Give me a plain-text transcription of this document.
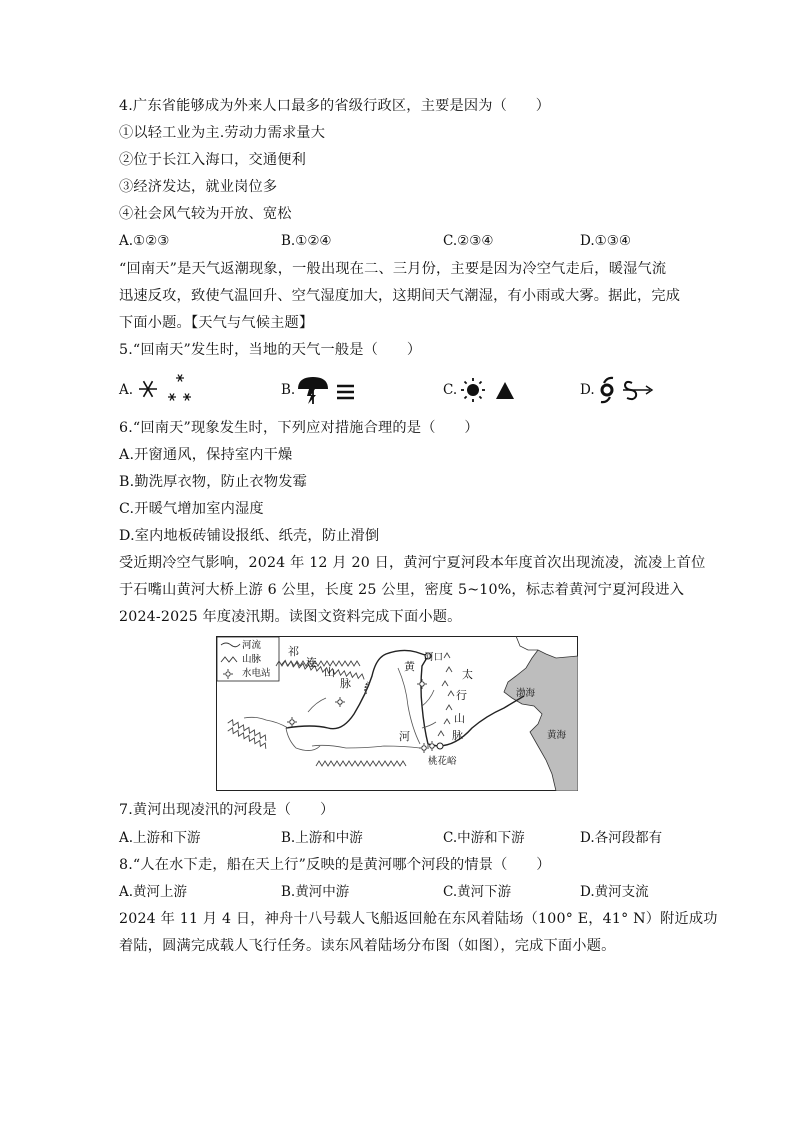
4.广东省能够成为外来人口最多的省级行政区，主要是因为（　　）
①以轻工业为主.劳动力需求量大
②位于长江入海口，交通便利
③经济发达，就业岗位多
④社会风气较为开放、宽松
A.①②③	B.①②④	C.②③④	D.①③④
“回南天”是天气返潮现象，一般出现在二、三月份，主要是因为冷空气走后，暖湿气流
迅速反攻，致使气温回升、空气湿度加大，这期间天气潮湿，有小雨或大雾。据此，完成
下面小题。【天气与气候主题】
5.“回南天”发生时，当地的天气一般是（　　）
A.	B.	C.	D.
6.“回南天”现象发生时，下列应对措施合理的是（　　）
A.开窗通风，保持室内干燥
B.勤洗厚衣物，防止衣物发霉
C.开暖气增加室内湿度
D.室内地板砖铺设报纸、纸壳，防止滑倒
受近期冷空气影响，2024 年 12 月 20 日，黄河宁夏河段本年度首次出现流凌，流凌上首位
于石嘴山黄河大桥上游 6 公里，长度 25 公里，密度 5~10%，标志着黄河宁夏河段进入
2024-2025 年度凌汛期。读图文资料完成下面小题。
河流
山脉
水电站
祁
连
山
脉
黄
河
河口
太
行
山
脉
渤海
黄海
桃花峪
7.黄河出现凌汛的河段是（　　）
A.上游和下游	B.上游和中游	C.中游和下游	D.各河段都有
8.“人在水下走，船在天上行”反映的是黄河哪个河段的情景（　　）
A.黄河上游	B.黄河中游	C.黄河下游	D.黄河支流
2024 年 11 月 4 日，神舟十八号载人飞船返回舱在东风着陆场（100° E，41° N）附近成功
着陆，圆满完成载人飞行任务。读东风着陆场分布图（如图），完成下面小题。
